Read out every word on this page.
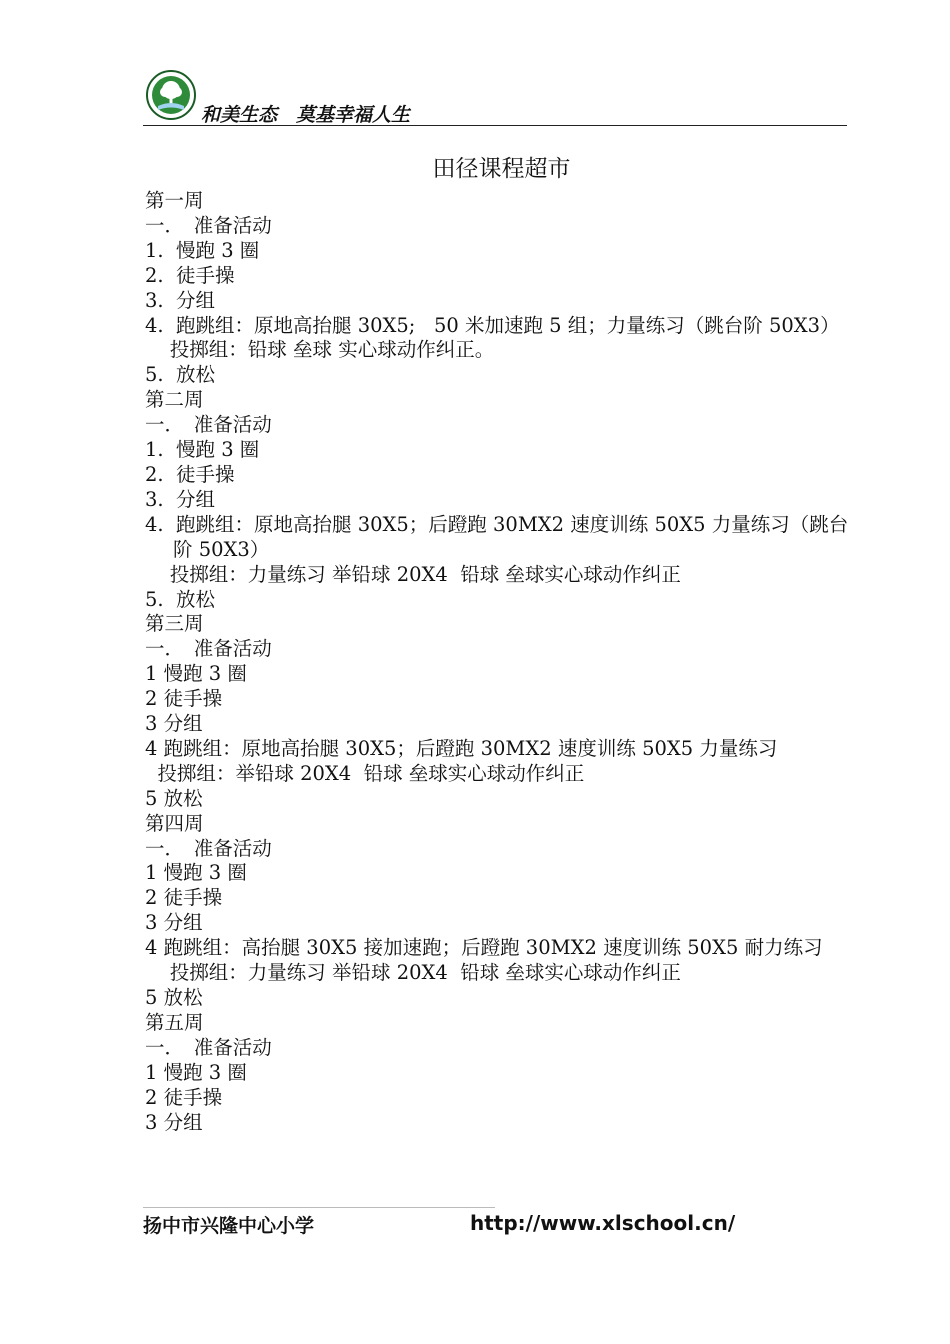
和美生态　莫基幸福人生
田径课程超市
第一周
一．　准备活动
1.  慢跑 3 圈
2.  徒手操
3.  分组
4.  跑跳组：原地高抬腿 30X5;   50 米加速跑 5 组；力量练习（跳台阶 50X3）
投掷组：铅球 垒球 实心球动作纠正。
5.  放松
第二周
一．　准备活动
1.  慢跑 3 圈
2.  徒手操
3.  分组
4.  跑跳组：原地高抬腿 30X5；后蹬跑 30MX2 速度训练 50X5 力量练习（跳台阶 50X3）
投掷组：力量练习 举铅球 20X4  铅球 垒球实心球动作纠正
5.  放松
第三周
一．　准备活动
1 慢跑 3 圈
2 徒手操
3 分组
4 跑跳组：原地高抬腿 30X5；后蹬跑 30MX2 速度训练 50X5 力量练习
投掷组：举铅球 20X4  铅球 垒球实心球动作纠正
5 放松
第四周
一．　准备活动
1 慢跑 3 圈
2 徒手操
3 分组
4 跑跳组：高抬腿 30X5 接加速跑；后蹬跑 30MX2 速度训练 50X5 耐力练习
投掷组：力量练习 举铅球 20X4  铅球 垒球实心球动作纠正
5 放松
第五周
一．　准备活动
1 慢跑 3 圈
2 徒手操
3 分组
扬中市兴隆中心小学	http://www.xlschool.cn/
